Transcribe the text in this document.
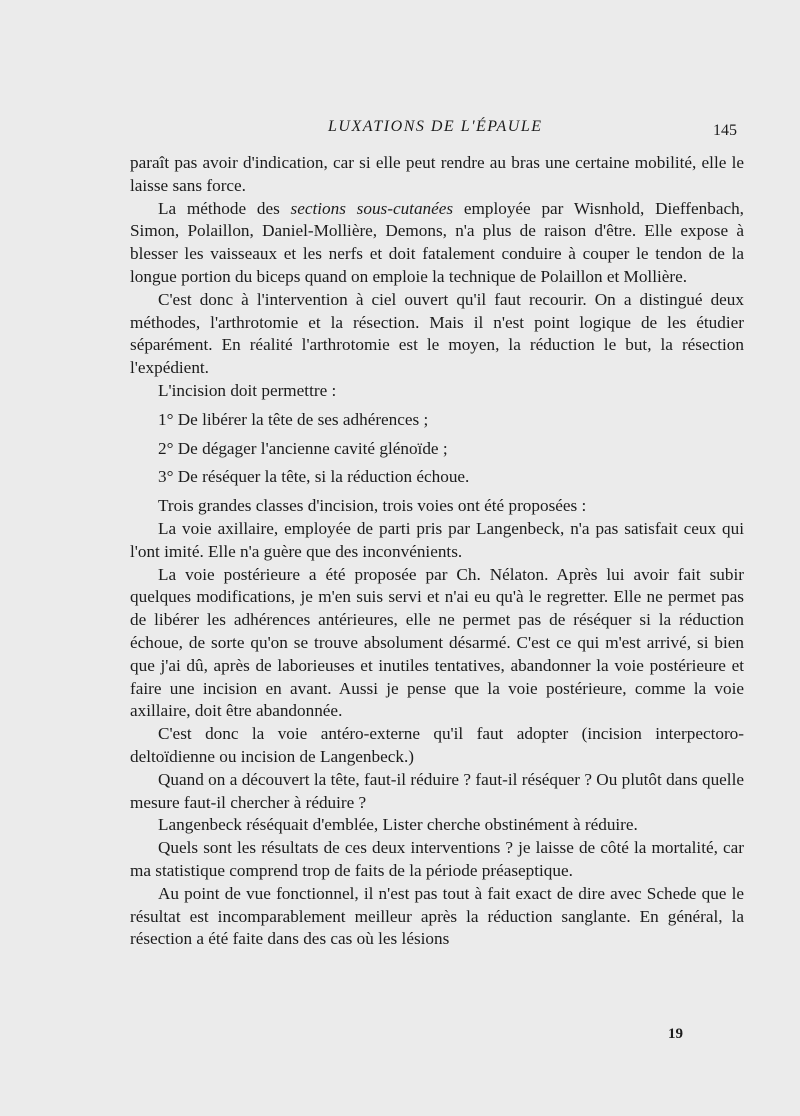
LUXATIONS DE L'ÉPAULE	145

paraît pas avoir d'indication, car si elle peut rendre au bras une certaine mobilité, elle le laisse sans force.

La méthode des sections sous-cutanées employée par Wisnhold, Dieffenbach, Simon, Polaillon, Daniel-Mollière, Demons, n'a plus de raison d'être. Elle expose à blesser les vaisseaux et les nerfs et doit fatalement conduire à couper le tendon de la longue portion du biceps quand on emploie la technique de Polaillon et Mollière.

C'est donc à l'intervention à ciel ouvert qu'il faut recourir. On a distingué deux méthodes, l'arthrotomie et la résection. Mais il n'est point logique de les étudier séparément. En réalité l'arthrotomie est le moyen, la réduction le but, la résection l'expédient.

L'incision doit permettre :

1° De libérer la tête de ses adhérences ;

2° De dégager l'ancienne cavité glénoïde ;

3° De réséquer la tête, si la réduction échoue.

Trois grandes classes d'incision, trois voies ont été proposées :

La voie axillaire, employée de parti pris par Langenbeck, n'a pas satisfait ceux qui l'ont imité. Elle n'a guère que des inconvénients.

La voie postérieure a été proposée par Ch. Nélaton. Après lui avoir fait subir quelques modifications, je m'en suis servi et n'ai eu qu'à le regretter. Elle ne permet pas de libérer les adhérences antérieures, elle ne permet pas de réséquer si la réduction échoue, de sorte qu'on se trouve absolument désarmé. C'est ce qui m'est arrivé, si bien que j'ai dû, après de laborieuses et inutiles tentatives, abandonner la voie postérieure et faire une incision en avant. Aussi je pense que la voie postérieure, comme la voie axillaire, doit être abandonnée.

C'est donc la voie antéro-externe qu'il faut adopter (incision interpectoro-deltoïdienne ou incision de Langenbeck.)

Quand on a découvert la tête, faut-il réduire ? faut-il réséquer ? Ou plutôt dans quelle mesure faut-il chercher à réduire ?

Langenbeck réséquait d'emblée, Lister cherche obstinément à réduire.

Quels sont les résultats de ces deux interventions ? je laisse de côté la mortalité, car ma statistique comprend trop de faits de la période préaseptique.

Au point de vue fonctionnel, il n'est pas tout à fait exact de dire avec Schede que le résultat est incomparablement meilleur après la réduction sanglante. En général, la résection a été faite dans des cas où les lésions

19
